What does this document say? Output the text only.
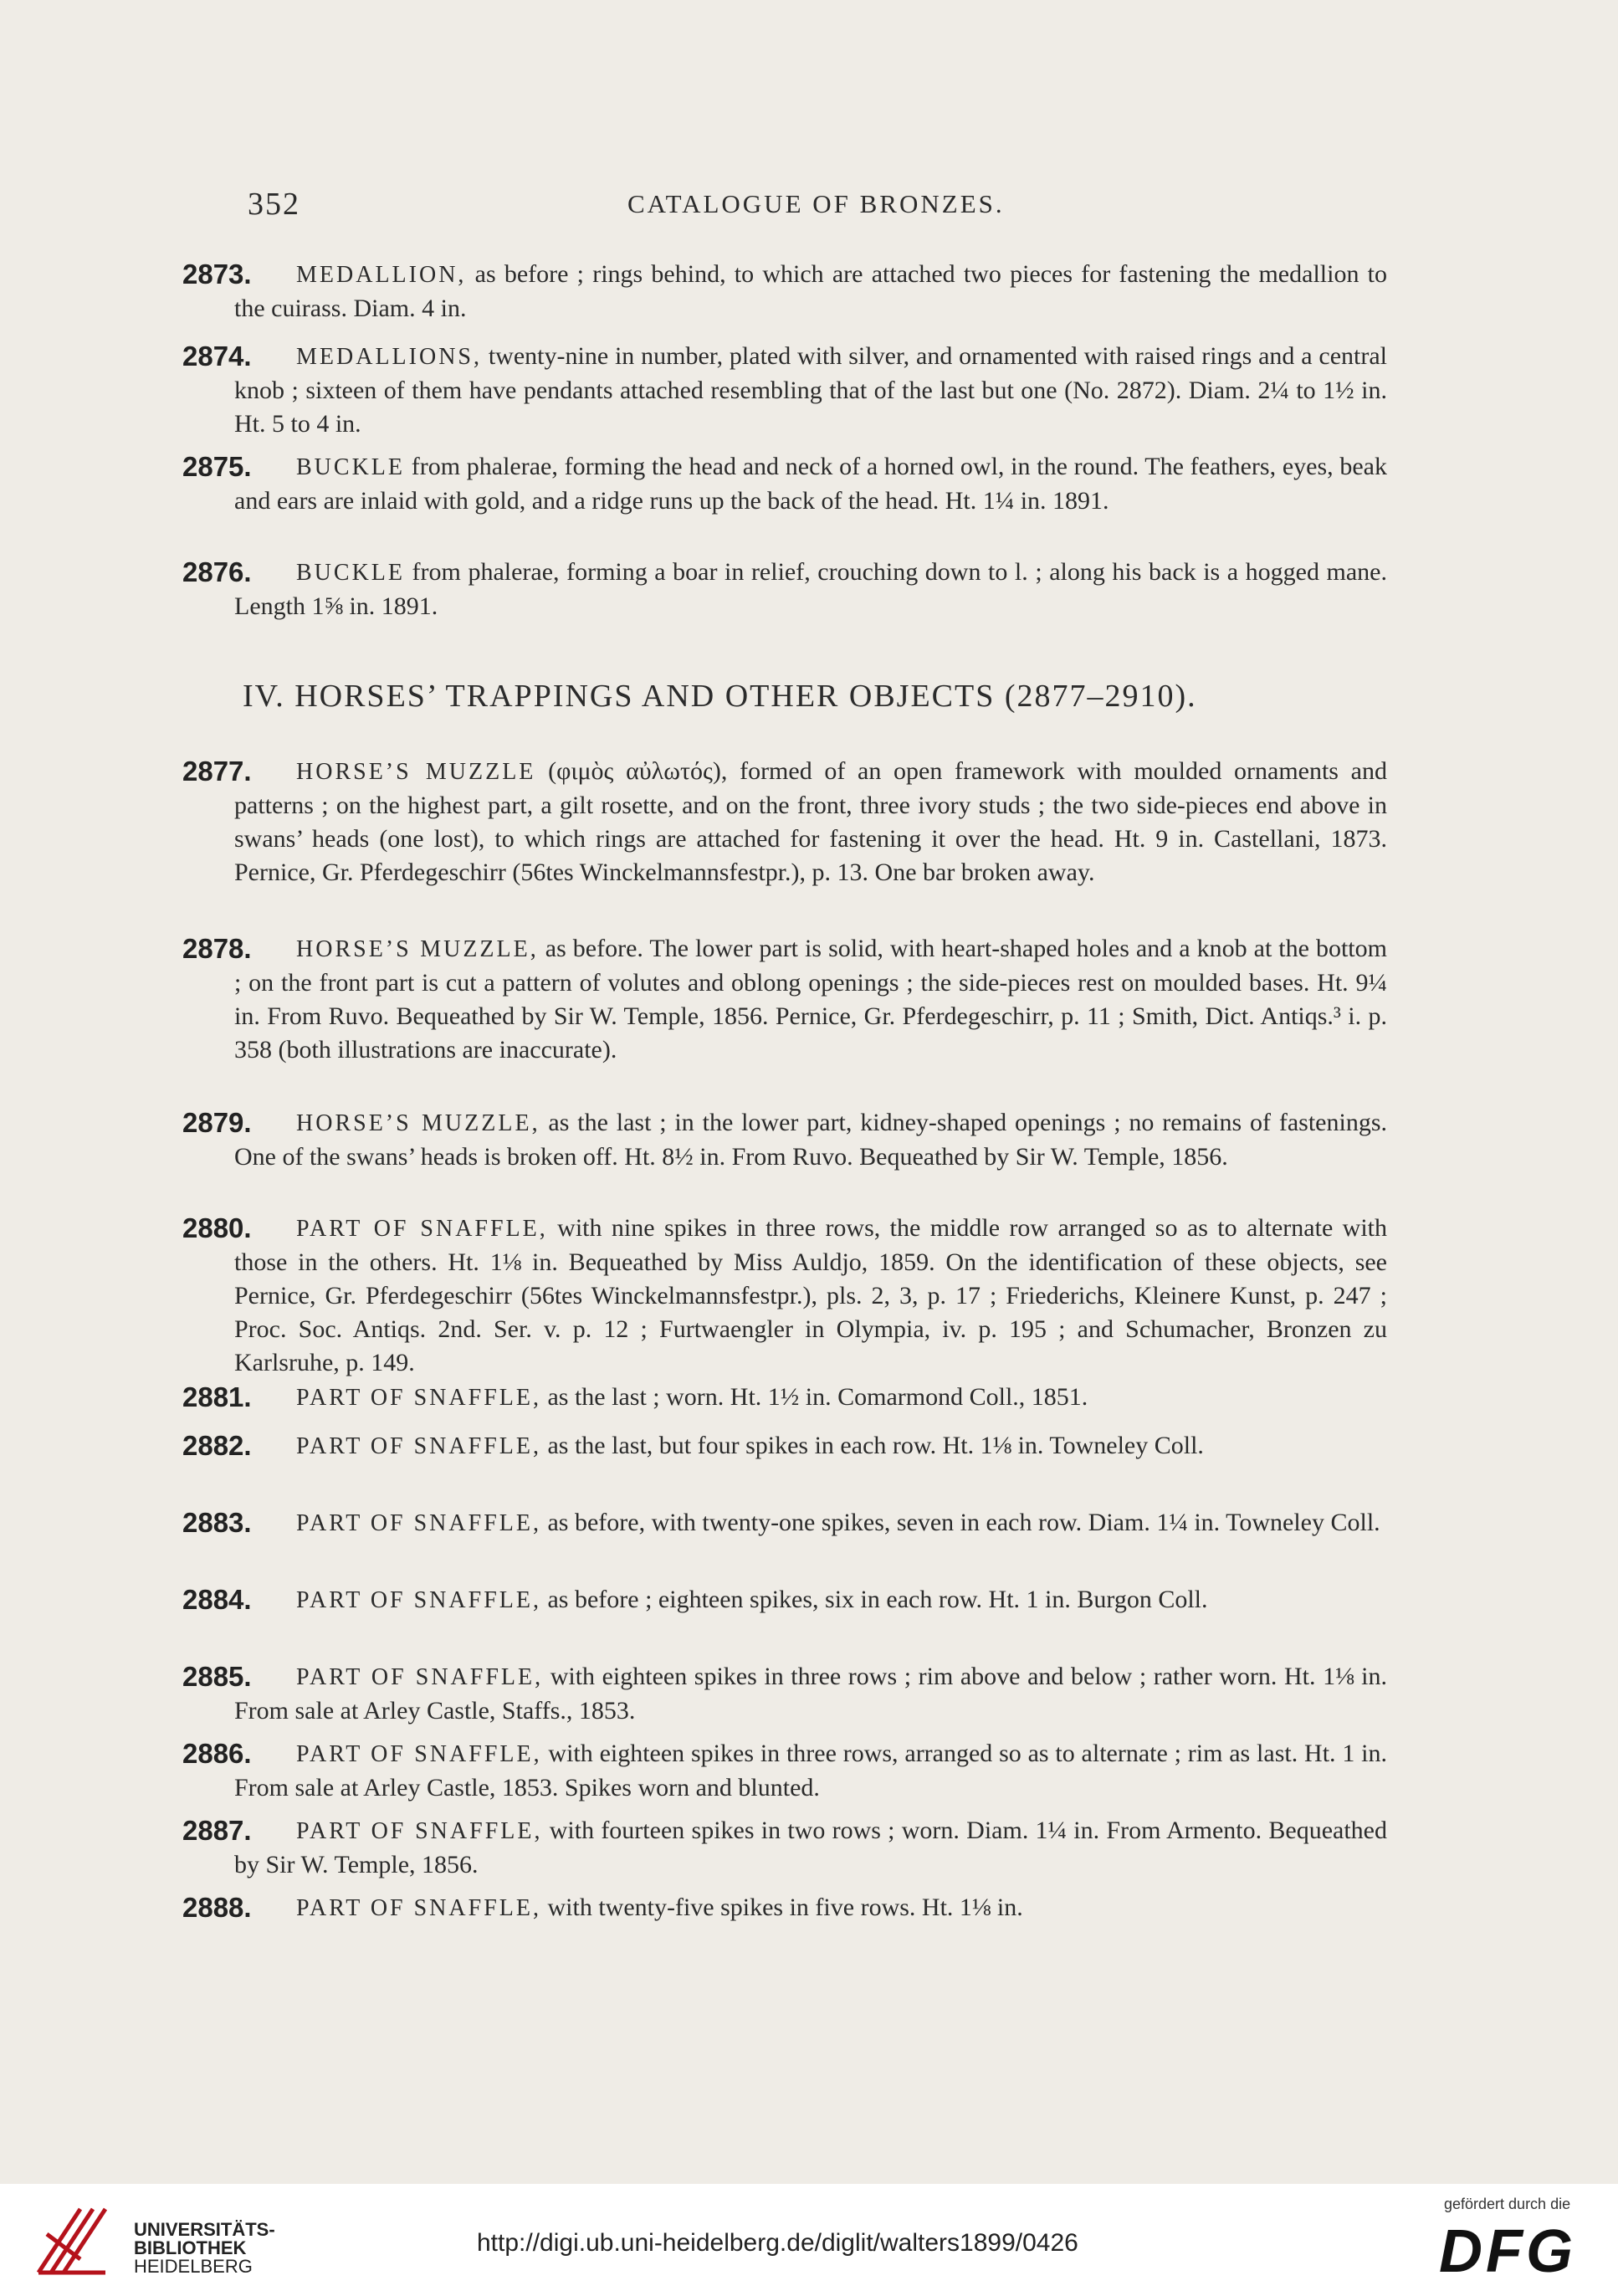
352	CATALOGUE OF BRONZES.
2873.	MEDALLION, as before ; rings behind, to which are attached two pieces for fastening the medallion to the cuirass. Diam. 4 in.
2874.	MEDALLIONS, twenty-nine in number, plated with silver, and ornamented with raised rings and a central knob ; sixteen of them have pendants attached resembling that of the last but one (No. 2872). Diam. 2¼ to 1½ in. Ht. 5 to 4 in.
2875.	BUCKLE from phalerae, forming the head and neck of a horned owl, in the round. The feathers, eyes, beak and ears are inlaid with gold, and a ridge runs up the back of the head. Ht. 1¼ in. 1891.
2876.	BUCKLE from phalerae, forming a boar in relief, crouching down to l. ; along his back is a hogged mane. Length 1⅝ in. 1891.
IV. HORSES’ TRAPPINGS AND OTHER OBJECTS (2877–2910).
2877.	HORSE’S MUZZLE (φιμὸς αὐλωτός), formed of an open framework with moulded ornaments and patterns ; on the highest part, a gilt rosette, and on the front, three ivory studs ; the two side-pieces end above in swans’ heads (one lost), to which rings are attached for fastening it over the head. Ht. 9 in. Castellani, 1873. Pernice, Gr. Pferdegeschirr (56tes Winckelmannsfestpr.), p. 13. One bar broken away.
2878.	HORSE’S MUZZLE, as before. The lower part is solid, with heart-shaped holes and a knob at the bottom ; on the front part is cut a pattern of volutes and oblong openings ; the side-pieces rest on moulded bases. Ht. 9¼ in. From Ruvo. Bequeathed by Sir W. Temple, 1856. Pernice, Gr. Pferdegeschirr, p. 11 ; Smith, Dict. Antiqs.³ i. p. 358 (both illustrations are inaccurate).
2879.	HORSE’S MUZZLE, as the last ; in the lower part, kidney-shaped openings ; no remains of fastenings. One of the swans’ heads is broken off. Ht. 8½ in. From Ruvo. Bequeathed by Sir W. Temple, 1856.
2880.	PART OF SNAFFLE, with nine spikes in three rows, the middle row arranged so as to alternate with those in the others. Ht. 1⅛ in. Bequeathed by Miss Auldjo, 1859. On the identification of these objects, see Pernice, Gr. Pferdegeschirr (56tes Winckelmannsfestpr.), pls. 2, 3, p. 17 ; Friederichs, Kleinere Kunst, p. 247 ; Proc. Soc. Antiqs. 2nd. Ser. v. p. 12 ; Furtwaengler in Olympia, iv. p. 195 ; and Schumacher, Bronzen zu Karlsruhe, p. 149.
2881.	PART OF SNAFFLE, as the last ; worn. Ht. 1½ in. Comarmond Coll., 1851.
2882.	PART OF SNAFFLE, as the last, but four spikes in each row. Ht. 1⅛ in. Towneley Coll.
2883.	PART OF SNAFFLE, as before, with twenty-one spikes, seven in each row. Diam. 1¼ in. Towneley Coll.
2884.	PART OF SNAFFLE, as before ; eighteen spikes, six in each row. Ht. 1 in. Burgon Coll.
2885.	PART OF SNAFFLE, with eighteen spikes in three rows ; rim above and below ; rather worn. Ht. 1⅛ in. From sale at Arley Castle, Staffs., 1853.
2886.	PART OF SNAFFLE, with eighteen spikes in three rows, arranged so as to alternate ; rim as last. Ht. 1 in. From sale at Arley Castle, 1853. Spikes worn and blunted.
2887.	PART OF SNAFFLE, with fourteen spikes in two rows ; worn. Diam. 1¼ in. From Armento. Bequeathed by Sir W. Temple, 1856.
2888.	PART OF SNAFFLE, with twenty-five spikes in five rows. Ht. 1⅛ in.
UNIVERSITÄTS-
BIBLIOTHEK
HEIDELBERG
http://digi.ub.uni-heidelberg.de/diglit/walters1899/0426
gefördert durch die
DFG
